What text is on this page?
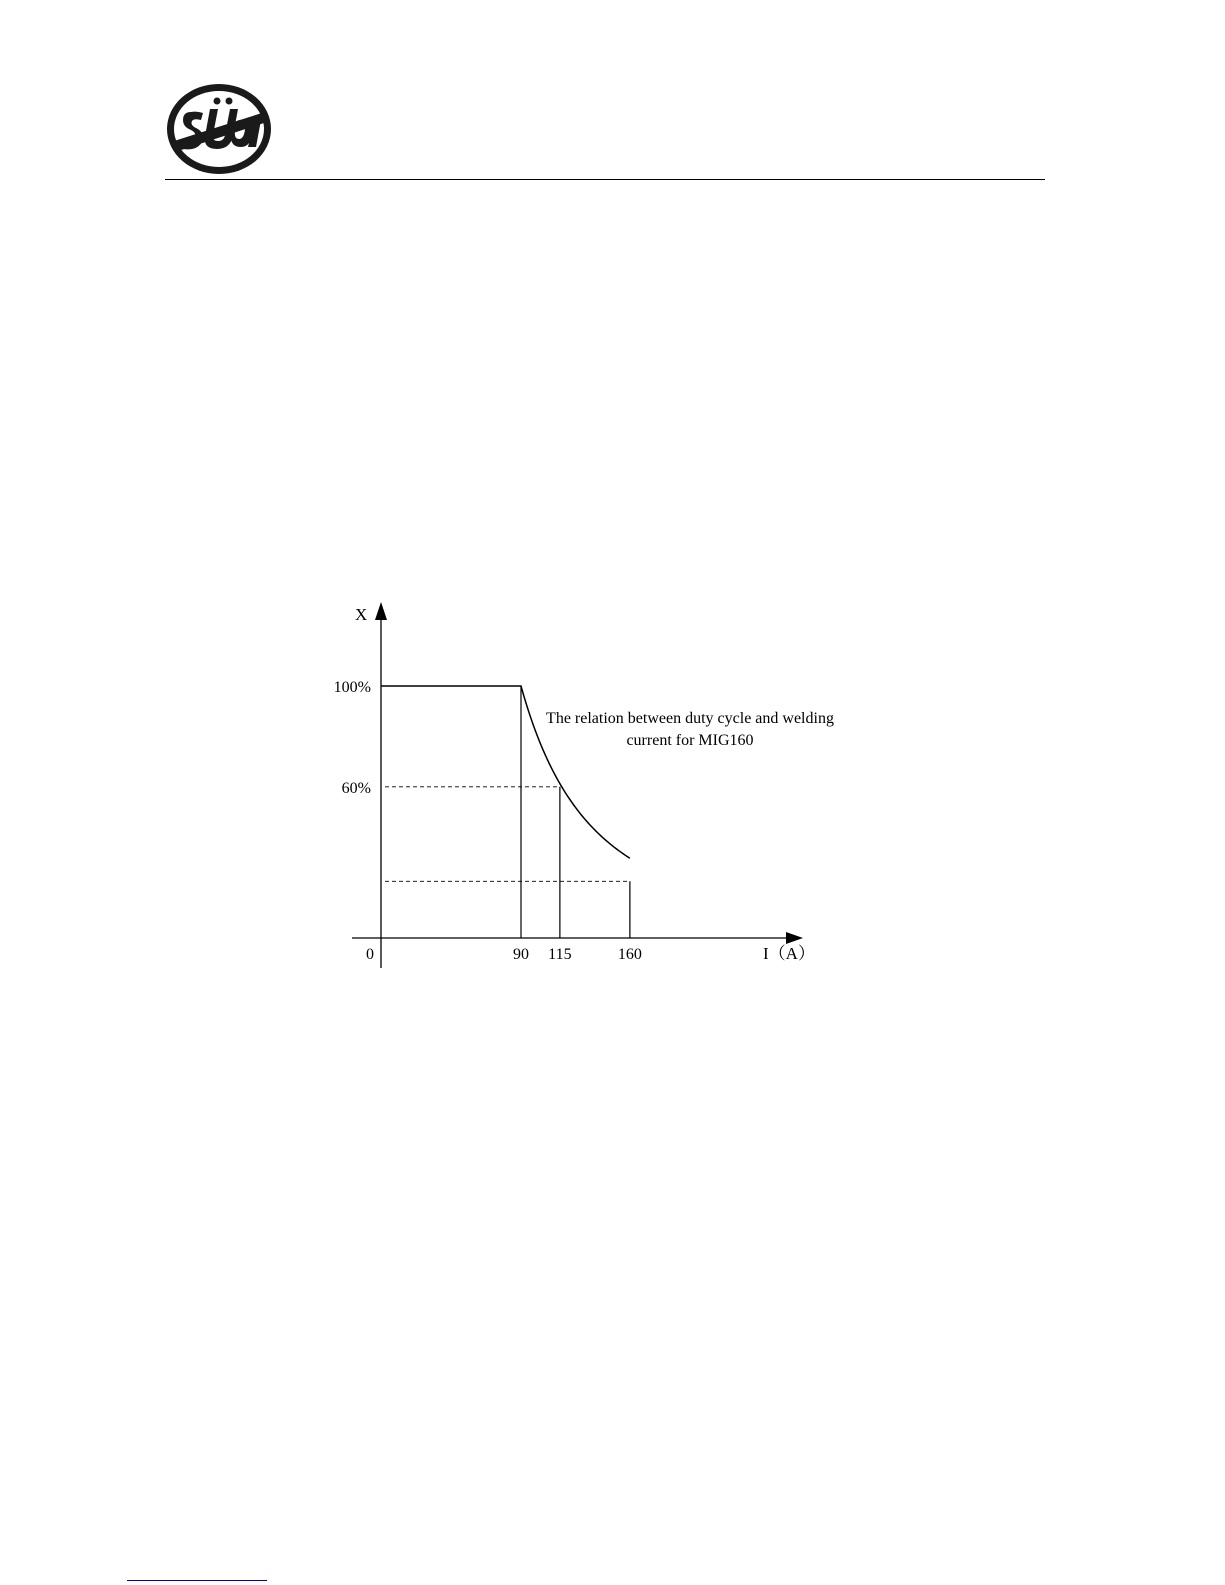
X
I（A）
0	90 115	160
100%
60%
The relation between duty cycle and welding current for MIG160
